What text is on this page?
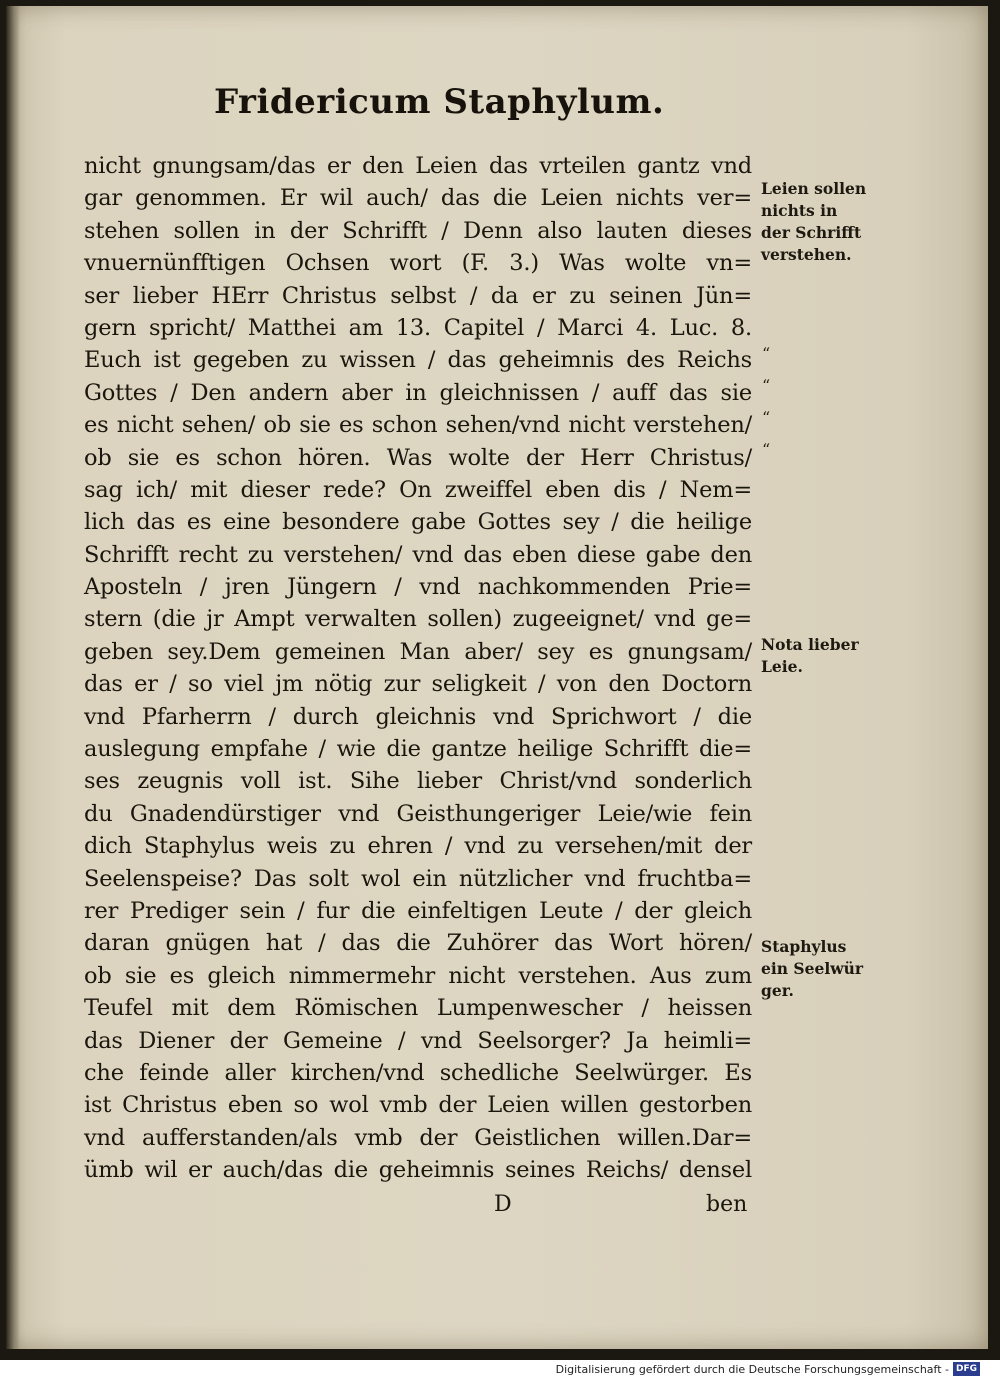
Fridericum Staphylum.
nicht gnungsam/das er den Leien das vrteilen gantz vnd
gar genommen. Er wil auch/ das die Leien nichts ver=
stehen sollen in der Schrifft / Denn also lauten dieses
vnuernünfftigen Ochsen wort (F. 3.) Was wolte vn=
ser lieber HErr Christus selbst / da er zu seinen Jün=
gern spricht/ Matthei am 13. Capitel / Marci 4. Luc. 8.
Euch ist gegeben zu wissen / das geheimnis des Reichs
Gottes / Den andern aber in gleichnissen / auff das sie
es nicht sehen/ ob sie es schon sehen/vnd nicht verstehen/
ob sie es schon hören. Was wolte der Herr Christus/
sag ich/ mit dieser rede? On zweiffel eben dis / Nem=
lich das es eine besondere gabe Gottes sey / die heilige
Schrifft recht zu verstehen/ vnd das eben diese gabe den
Aposteln / jren Jüngern / vnd nachkommenden Prie=
stern (die jr Ampt verwalten sollen) zugeeignet/ vnd ge=
geben sey.Dem gemeinen Man aber/ sey es gnungsam/
das er / so viel jm nötig zur seligkeit / von den Doctorn
vnd Pfarherrn / durch gleichnis vnd Sprichwort / die
auslegung empfahe / wie die gantze heilige Schrifft die=
ses zeugnis voll ist. Sihe lieber Christ/vnd sonderlich
du Gnadendürstiger vnd Geisthungeriger Leie/wie fein
dich Staphylus weis zu ehren / vnd zu versehen/mit der
Seelenspeise? Das solt wol ein nützlicher vnd fruchtba=
rer Prediger sein / fur die einfeltigen Leute / der gleich
daran gnügen hat / das die Zuhörer das Wort hören/
ob sie es gleich nimmermehr nicht verstehen. Aus zum
Teufel mit dem Römischen Lumpenwescher / heissen
das Diener der Gemeine / vnd Seelsorger? Ja heimli=
che feinde aller kirchen/vnd schedliche Seelwürger. Es
ist Christus eben so wol vmb der Leien willen gestorben
vnd aufferstanden/als vmb der Geistlichen willen.Dar=
ümb wil er auch/das die geheimnis seines Reichs/ densel
Leien sollen
nichts in
der Schrifft
verstehen.
“
“
“
“
Nota lieber
Leie.
Staphylus
ein Seelwür
ger.
D	ben
Digitalisierung gefördert durch die Deutsche Forschungsgemeinschaft - DFG
